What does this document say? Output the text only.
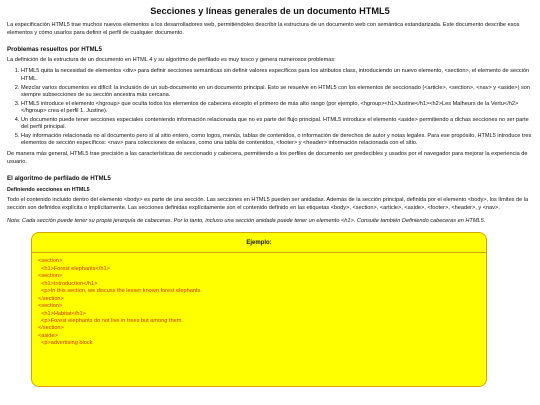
Secciones y líneas generales de un documento HTML5

La especificación HTML5 trae muchos nuevos elementos a los desarrolladores web, permitiéndoles describir la estructura de un documento web con semántica estandarizada. Este documento describe esos elementos y cómo usarlos para definir el perfil de cualquier documento.

Problemas resueltos por HTML5

La definición de la estructura de un documento en HTML 4 y su algoritmo de perfilado es muy tosco y genera numerosos problemas:

1. HTML5 quita la necesidad de elementos <div> para definir secciones semánticas sin definir valores específicos para los atributos class, introduciendo un nuevo elemento, <section>, el elemento de sección HTML.
2. Mezclar varios documentos es difícil: la inclusión de un sub-documento en un documento principal. Esto se resuelve en HTML5 con los elementos de seccionado (<article>, <section>, <nav> y <aside>) son siempre subsecciones de su sección ancestra más cercana.
3. HTML5 introduce el elemento <hgroup> que oculta todos los elementos de cabecera excepto el primero de más alto rango (por ejemplo, <hgroup><h1>Justine</h1><h2>Les Malheurs de la Vertu</h2></hgroup> crea el perfil 1. Justine).
4. Un documento puede tener secciones especiales conteniendo información relacionada que no es parte del flujo principal. HTML5 introduce el elemento <aside> permitiendo a dichas secciones no ser parte del perfil principal.
5. Hay información relacionada no al documento pero sí al sitio entero, como logos, menús, tablas de contenidos, o información de derechos de autor y notas legales. Para ese propósito, HTML5 introduce tres elementos de sección específicos: <nav> para colecciones de enlaces, como una tabla de contenidos, <footer> y <header> información relacionada con el sitio.

De manera más general, HTML5 trae precisión a las características de seccionado y cabecera, permitiendo a los perfiles de documento ser predecibles y usados por el navegador para mejorar la experiencia de usuario.

El algoritmo de perfilado de HTML5
Definiendo secciones en HTML5

Todo el contenido incluido dentro del elemento <body> es parte de una sección. Las secciones en HTML5 pueden ser anidadas. Además de la sección principal, definida por el elemento <body>, los límites de la sección son definidos explícita o implícitamente. Las secciones definidas explícitamente son el contenido definido en las etiquetas <body>, <section>, <article>, <aside>, <footer>, <header>, y <nav>.

Nota: Cada sección puede tener su propia jerarquía de cabeceras. Por lo tanto, incluso una sección anidada puede tener un elemento <h1>. Consulte también Definiendo cabeceras en HTML5.

Ejemplo:
<section>
<h1>Forest elephants</h1>
<section>
<h1>Introduction</h1>
<p>In this section, we discuss the lesser known forest elephants.
</section>
<section>
<h1>Habitat</h1>
<p>Forest elephants do not live in trees but among them.
</section>
<aside>
<p>advertising block
